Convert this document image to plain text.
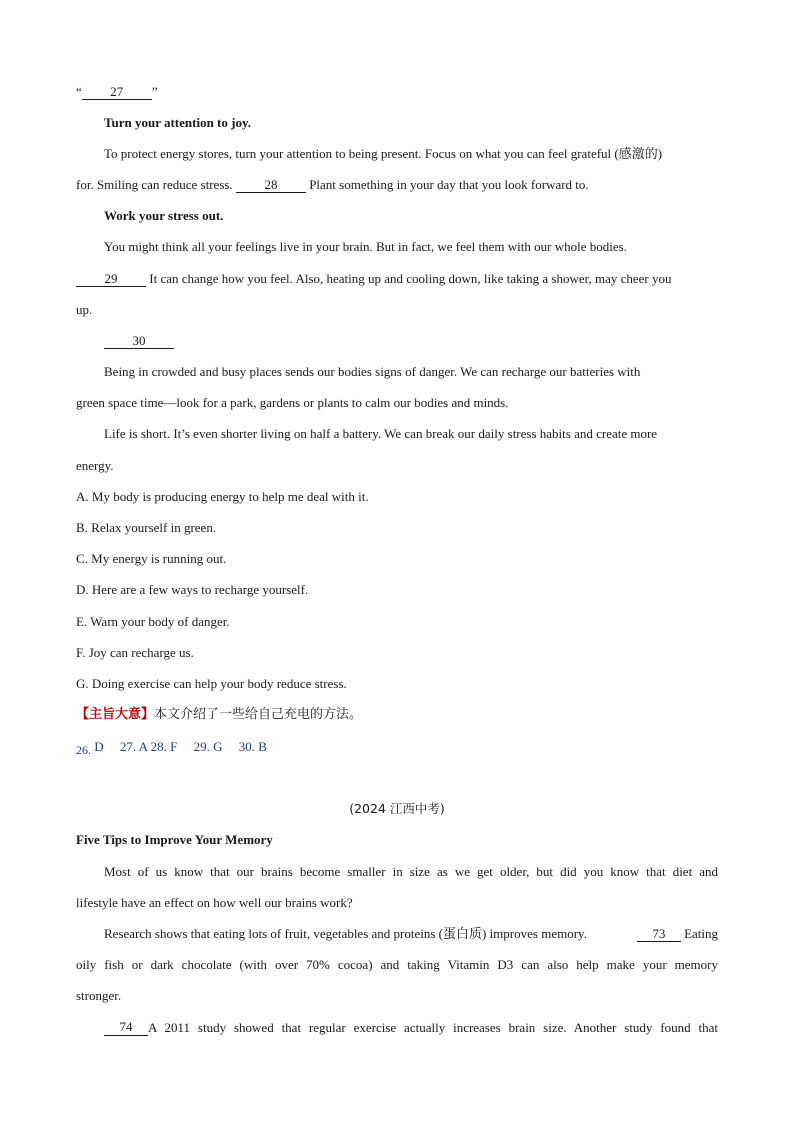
“ 27 ”
Turn your attention to joy.
To protect energy stores, turn your attention to being present. Focus on what you can feel grateful (感激的)
for. Smiling can reduce stress. 28 Plant something in your day that you look forward to.
Work your stress out.
You might think all your feelings live in your brain. But in fact, we feel them with our whole bodies.
29 It can change how you feel. Also, heating up and cooling down, like taking a shower, may cheer you
up.
30
Being in crowded and busy places sends our bodies signs of danger. We can recharge our batteries with
green space time—look for a park, gardens or plants to calm our bodies and minds.
Life is short. It’s even shorter living on half a battery. We can break our daily stress habits and create more
energy.
A. My body is producing energy to help me deal with it.
B. Relax yourself in green.
C. My energy is running out.
D. Here are a few ways to recharge yourself.
E. Warn your body of danger.
F. Joy can recharge us.
G. Doing exercise can help your body reduce stress.
【主旨大意】本文介绍了一些给自己充电的方法。
26. D     27. A 28. F     29. G     30. B
(2024 江西中考)
Five Tips to Improve Your Memory
Most of us know that our brains become smaller in size as we get older, but did you know that diet and
lifestyle have an effect on how well our brains work?
Research shows that eating lots of fruit, vegetables and proteins (蛋白质) improves memory.	73 Eating
oily fish or dark chocolate (with over 70% cocoa) and taking Vitamin D3 can also help make your memory
stronger.
74	A 2011 study showed that regular exercise actually increases brain size. Another study found that
